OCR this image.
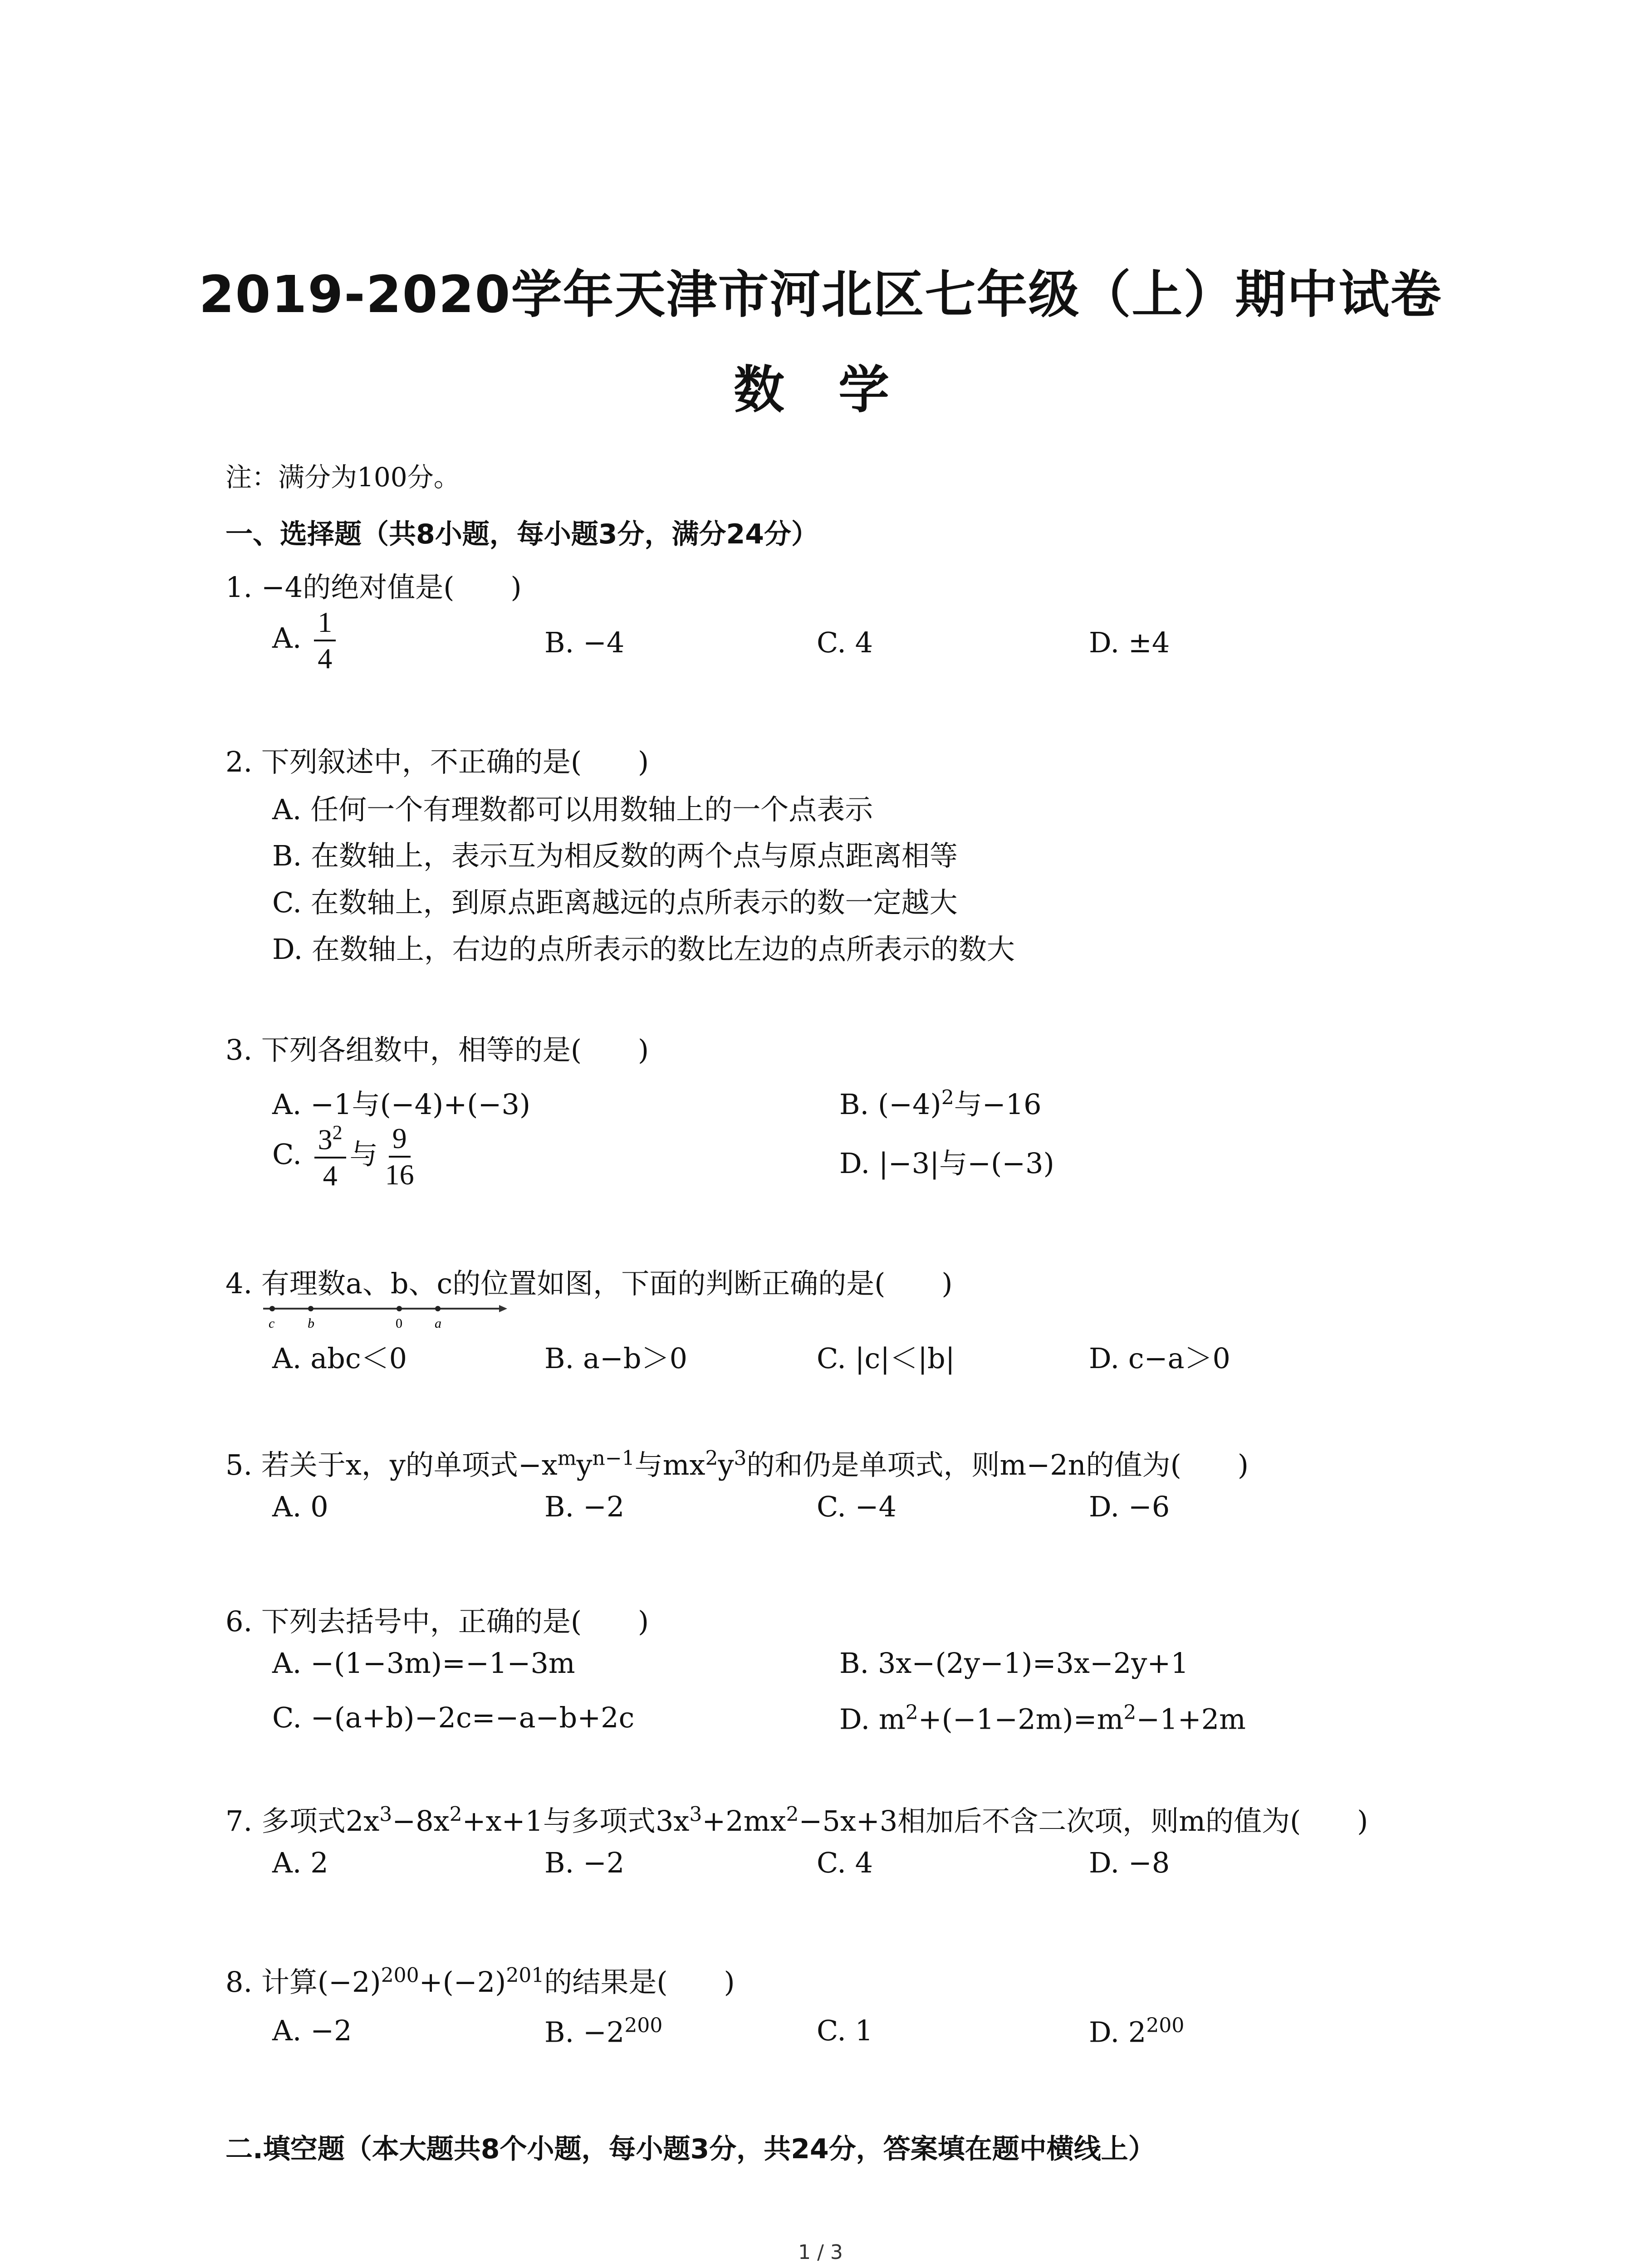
2019-2020学年天津市河北区七年级（上）期中试卷
数 学
注：满分为100分。
一、选择题（共8小题，每小题3分，满分24分）
1. −4的绝对值是(　　)
A. $\frac{1}{4}$	B. −4	C. 4	D. ±4
2. 下列叙述中，不正确的是(　　)
A. 任何一个有理数都可以用数轴上的一个点表示
B. 在数轴上，表示互为相反数的两个点与原点距离相等
C. 在数轴上，到原点距离越远的点所表示的数一定越大
D. 在数轴上，右边的点所表示的数比左边的点所表示的数大
3. 下列各组数中，相等的是(　　)
A. −1与(−4)+(−3)	B. $(-4)^2$与−16
C. $\frac{3^2}{4}$ 与 $\frac{9}{16}$	D. |−3|与−(−3)
4. 有理数a、b、c的位置如图，下面的判断正确的是(　　)
c b	0 a
A. abc＜0	B. a−b＞0	C. |c|＜|b|	D. c−a＞0
5. 若关于x，y的单项式$-x^my^{n-1}$与$mx^2y^3$的和仍是单项式，则m−2n的值为(　　)
A. 0	B. −2	C. −4	D. −6
6. 下列去括号中，正确的是(　　)
A. −(1−3m)=−1−3m	B. 3x−(2y−1)=3x−2y+1
C. −(a+b)−2c=−a−b+2c	D. $m^2+(-1-2m)=m^2-1+2m$
7. 多项式$2x^3-8x^2+x+1$与多项式$3x^3+2mx^2-5x+3$相加后不含二次项，则m的值为(　　)
A. 2	B. −2	C. 4	D. −8
8. 计算$(-2)^{200}+(-2)^{201}$的结果是(　　)
A. −2	B. $-2^{200}$	C. 1	D. $2^{200}$
二.填空题（本大题共8个小题，每小题3分，共24分，答案填在题中横线上）
1 / 3
